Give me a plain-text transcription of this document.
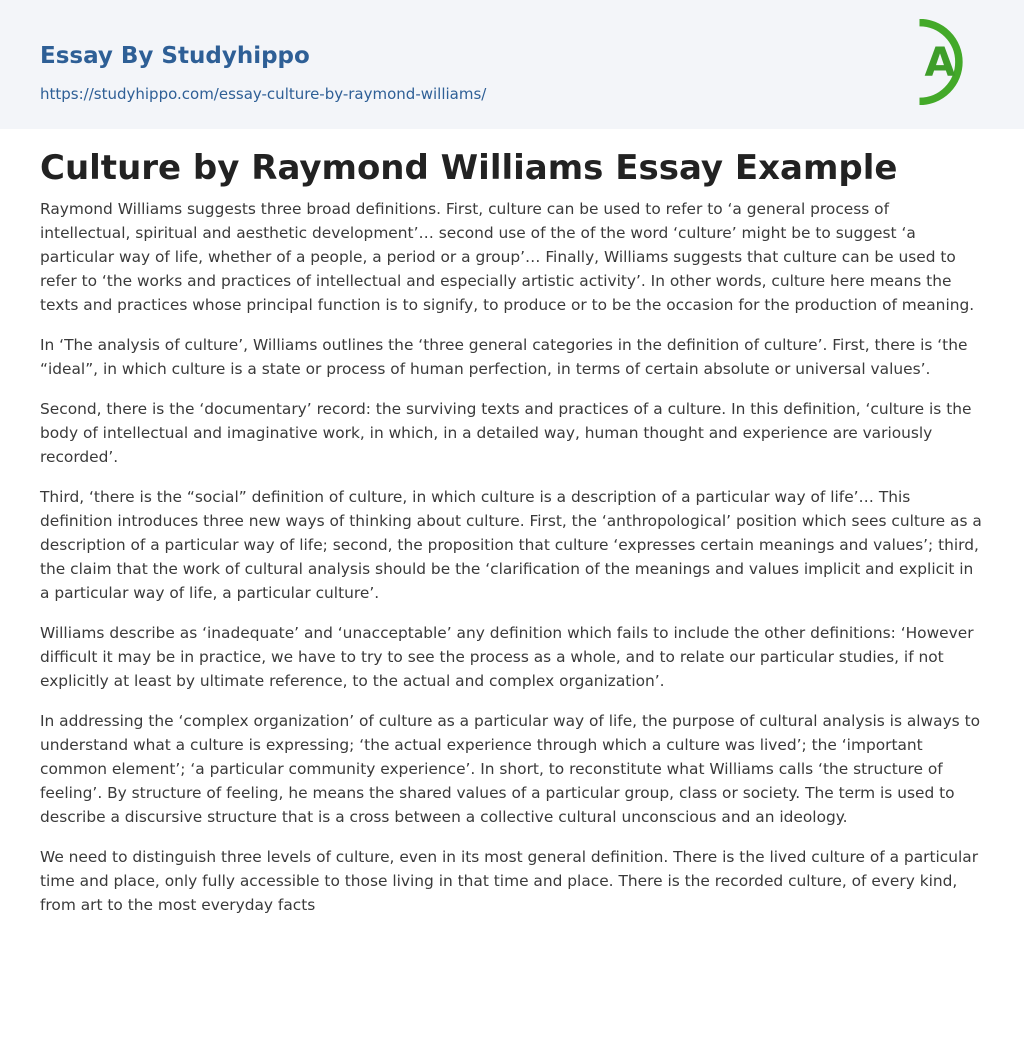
Essay By Studyhippo
https://studyhippo.com/essay-culture-by-raymond-williams/
A
Culture by Raymond Williams Essay Example

Raymond Williams suggests three broad definitions. First, culture can be used to refer to ‘a general process of intellectual, spiritual and aesthetic development’… second use of the of the word ‘culture’ might be to suggest ‘a particular way of life, whether of a people, a period or a group’… Finally, Williams suggests that culture can be used to refer to ‘the works and practices of intellectual and especially artistic activity’. In other words, culture here means the texts and practices whose principal function is to signify, to produce or to be the occasion for the production of meaning.

In ‘The analysis of culture’, Williams outlines the ‘three general categories in the definition of culture’. First, there is ‘the “ideal”, in which culture is a state or process of human perfection, in terms of certain absolute or universal values’.

Second, there is the ‘documentary’ record: the surviving texts and practices of a culture. In this definition, ‘culture is the body of intellectual and imaginative work, in which, in a detailed way, human thought and experience are variously recorded’.

Third, ‘there is the “social” definition of culture, in which culture is a description of a particular way of life’… This definition introduces three new ways of thinking about culture. First, the ‘anthropological’ position which sees culture as a description of a particular way of life; second, the proposition that culture ‘expresses certain meanings and values’; third, the claim that the work of cultural analysis should be the ‘clarification of the meanings and values implicit and explicit in a particular way of life, a particular culture’.

Williams describe as ‘inadequate’ and ‘unacceptable’ any definition which fails to include the other definitions: ‘However difficult it may be in practice, we have to try to see the process as a whole, and to relate our particular studies, if not explicitly at least by ultimate reference, to the actual and complex organization’.

In addressing the ‘complex organization’ of culture as a particular way of life, the purpose of cultural analysis is always to understand what a culture is expressing; ‘the actual experience through which a culture was lived’; the ‘important common element’; ‘a particular community experience’. In short, to reconstitute what Williams calls ‘the structure of feeling’. By structure of feeling, he means the shared values of a particular group, class or society. The term is used to describe a discursive structure that is a cross between a collective cultural unconscious and an ideology.

We need to distinguish three levels of culture, even in its most general definition. There is the lived culture of a particular time and place, only fully accessible to those living in that time and place. There is the recorded culture, of every kind, from art to the most everyday facts
